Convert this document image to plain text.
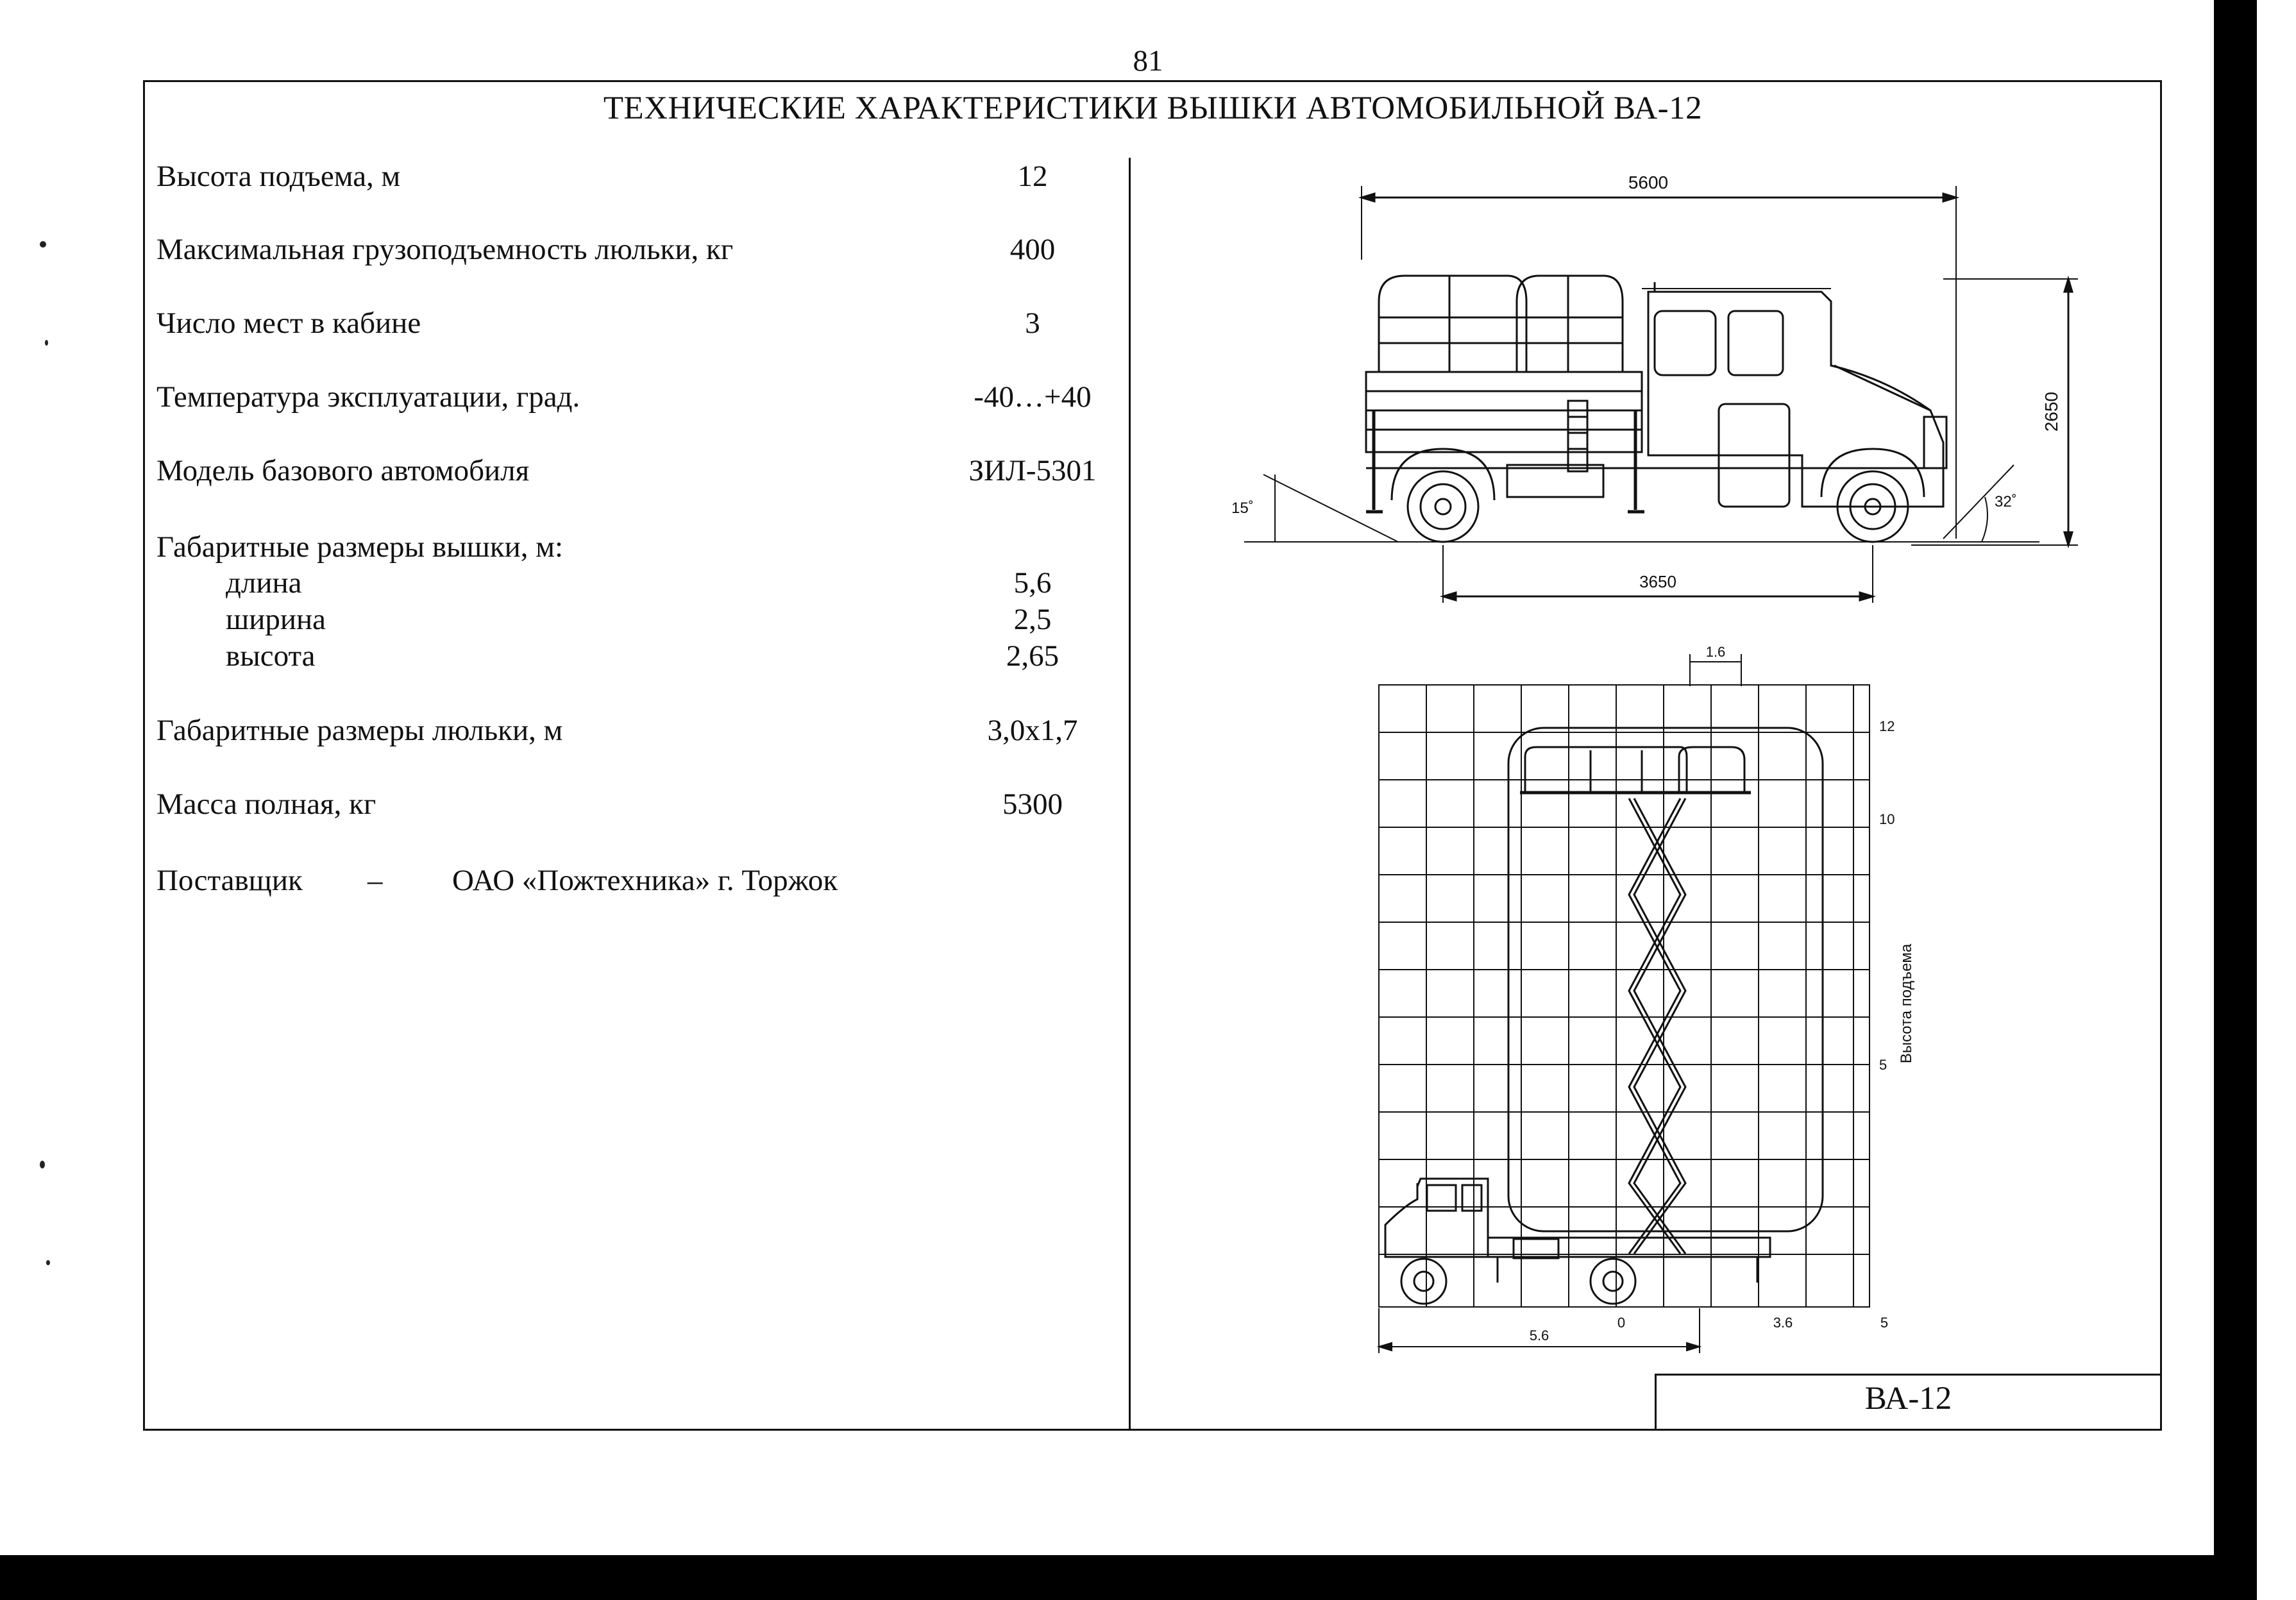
81
ТЕХНИЧЕСКИЕ ХАРАКТЕРИСТИКИ ВЫШКИ АВТОМОБИЛЬНОЙ ВА-12
Высота подъема, м	12
Максимальная грузоподъемность люльки, кг	400
Число мест в кабине	3
Температура эксплуатации, град.	-40…+40
Модель базового автомобиля	ЗИЛ-5301
Габаритные размеры вышки, м:
длина	5,6
ширина	2,5
высота	2,65
Габаритные размеры люльки, м	3,0х1,7
Масса полная, кг	5300
Поставщик – ОАО «Пожтехника» г. Торжок
5600
2650
15˚	32˚
3650
1.6
12
10
5
Высота подъема
0	3.6	5
5.6
ВА-12
